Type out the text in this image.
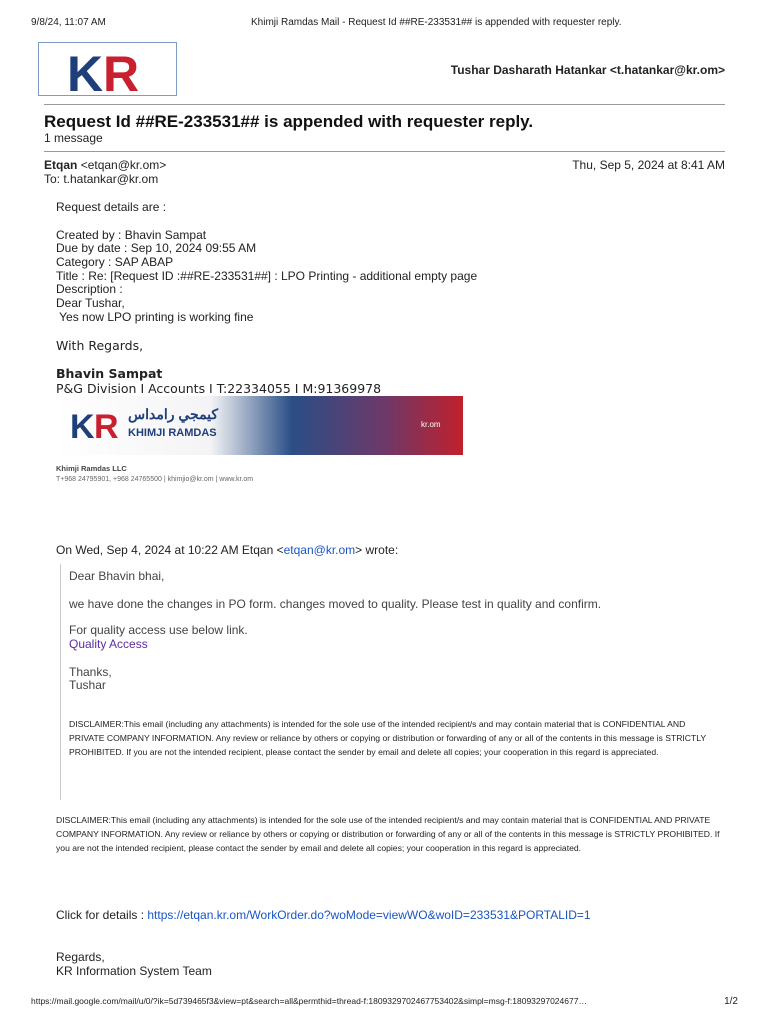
9/8/24, 11:07 AM	Khimji Ramdas Mail - Request Id ##RE-233531## is appended with requester reply.
K R	Tushar Dasharath Hatankar <t.hatankar@kr.om>
Request Id ##RE-233531## is appended with requester reply.
1 message
Etqan <etqan@kr.om>	Thu, Sep 5, 2024 at 8:41 AM
To: t.hatankar@kr.om
Request details are :
Created by : Bhavin Sampat
Due by date : Sep 10, 2024 09:55 AM
Category : SAP ABAP
Title : Re: [Request ID :##RE-233531##] : LPO Printing - additional empty page
Description :
Dear Tushar,
Yes now LPO printing is working fine
With Regards,
Bhavin Sampat
P&G Division I Accounts I T:22334055 I M:91369978
K R كيمجي رامداس
KHIMJI RAMDAS
kr.om
Khimji Ramdas LLC
T+968 24795901, +968 24765500 | khimjio@kr.om | www.kr.om
On Wed, Sep 4, 2024 at 10:22 AM Etqan <etqan@kr.om> wrote:
Dear Bhavin bhai,
we have done the changes in PO form. changes moved to quality. Please test in quality and confirm.
For quality access use below link.
Quality Access
Thanks,
Tushar
DISCLAIMER:This email (including any attachments) is intended for the sole use of the intended recipient/s and may contain material that is CONFIDENTIAL AND PRIVATE COMPANY INFORMATION. Any review or reliance by others or copying or distribution or forwarding of any or all of the contents in this message is STRICTLY PROHIBITED. If you are not the intended recipient, please contact the sender by email and delete all copies; your cooperation in this regard is appreciated.
DISCLAIMER:This email (including any attachments) is intended for the sole use of the intended recipient/s and may contain material that is CONFIDENTIAL AND PRIVATE COMPANY INFORMATION. Any review or reliance by others or copying or distribution or forwarding of any or all of the contents in this message is STRICTLY PROHIBITED. If you are not the intended recipient, please contact the sender by email and delete all copies; your cooperation in this regard is appreciated.
Click for details : https://etqan.kr.om/WorkOrder.do?woMode=viewWO&woID=233531&PORTALID=1
Regards,
KR Information System Team
https://mail.google.com/mail/u/0/?ik=5d739465f3&view=pt&search=all&permthid=thread-f:1809329702467753402&simpl=msg-f:18093297024677…	1/2
